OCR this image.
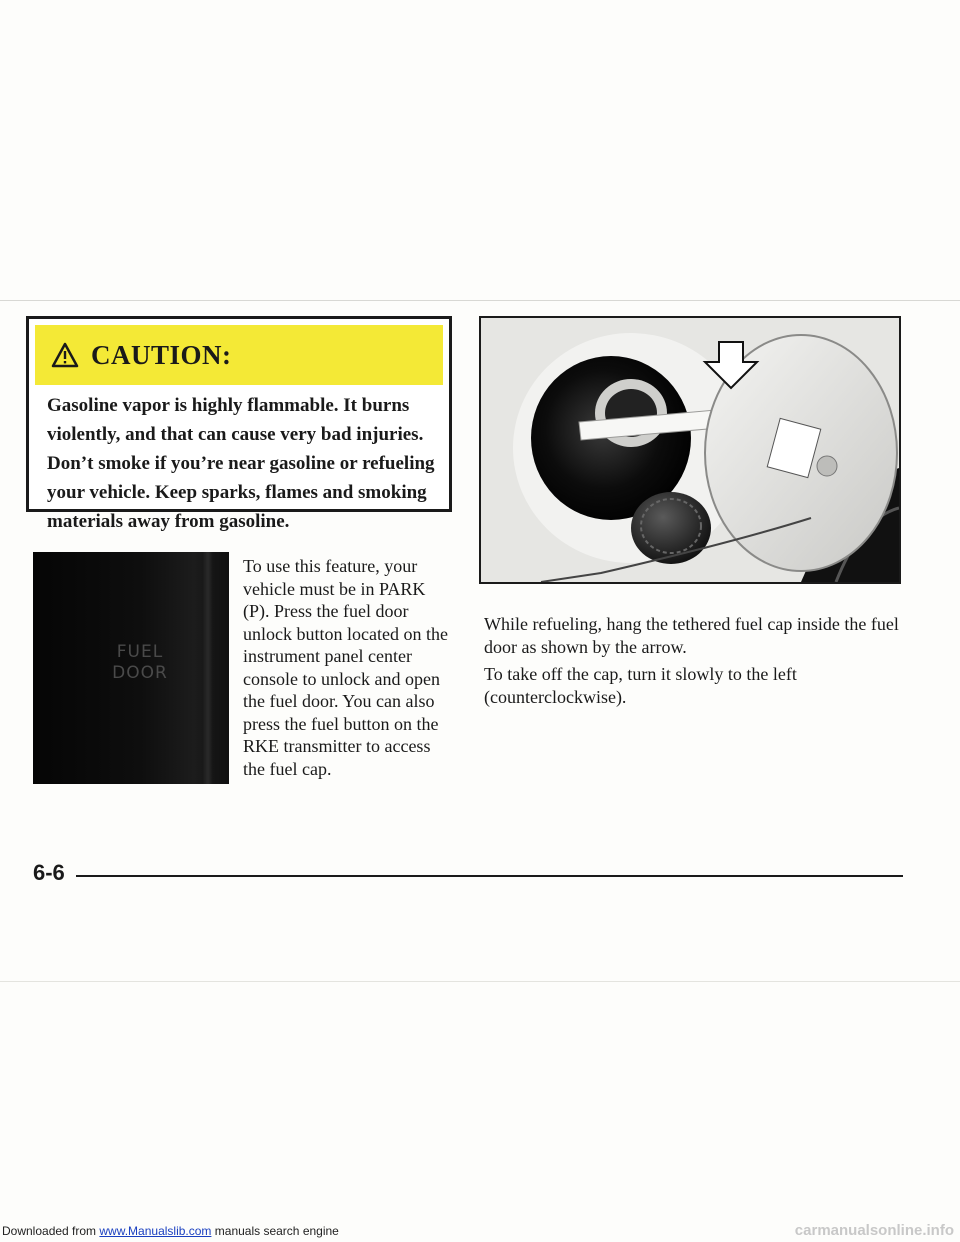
CAUTION:
Gasoline vapor is highly flammable. It burns violently, and that can cause very bad injuries. Don’t smoke if you’re near gasoline or refueling your vehicle. Keep sparks, flames and smoking materials away from gasoline.
FUEL
DOOR
To use this feature, your vehicle must be in PARK (P). Press the fuel door unlock button located on the instrument panel center console to unlock and open the fuel door. You can also press the fuel button on the RKE transmitter to access the fuel cap.
While refueling, hang the tethered fuel cap inside the fuel door as shown by the arrow.
To take off the cap, turn it slowly to the left (counterclockwise).
6-6
Downloaded from www.Manualslib.com manuals search engine	carmanualsonline.info
